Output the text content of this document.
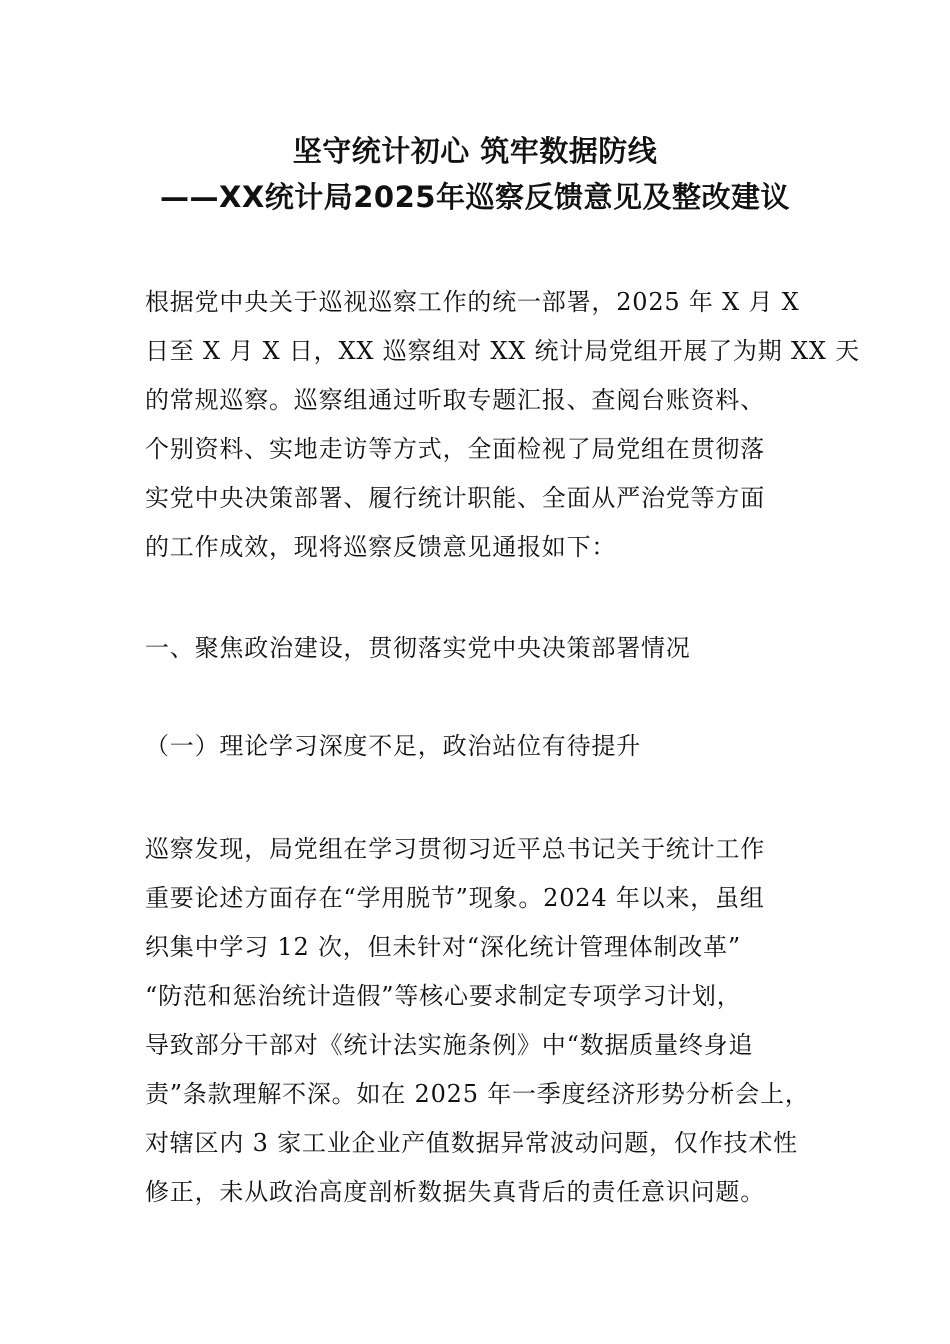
坚守统计初心 筑牢数据防线
——XX统计局2025年巡察反馈意见及整改建议
根据党中央关于巡视巡察工作的统一部署，2025 年 X 月 X
日至 X 月 X 日，XX 巡察组对 XX 统计局党组开展了为期 XX 天
的常规巡察。巡察组通过听取专题汇报、查阅台账资料、
个别资料、实地走访等方式，全面检视了局党组在贯彻落
实党中央决策部署、履行统计职能、全面从严治党等方面
的工作成效，现将巡察反馈意见通报如下：
一、聚焦政治建设，贯彻落实党中央决策部署情况
（一）理论学习深度不足，政治站位有待提升
巡察发现，局党组在学习贯彻习近平总书记关于统计工作
重要论述方面存在“学用脱节”现象。2024 年以来，虽组
织集中学习 12 次，但未针对“深化统计管理体制改革”
“防范和惩治统计造假”等核心要求制定专项学习计划，
导致部分干部对《统计法实施条例》中“数据质量终身追
责”条款理解不深。如在 2025 年一季度经济形势分析会上，
对辖区内 3 家工业企业产值数据异常波动问题，仅作技术性
修正，未从政治高度剖析数据失真背后的责任意识问题。
